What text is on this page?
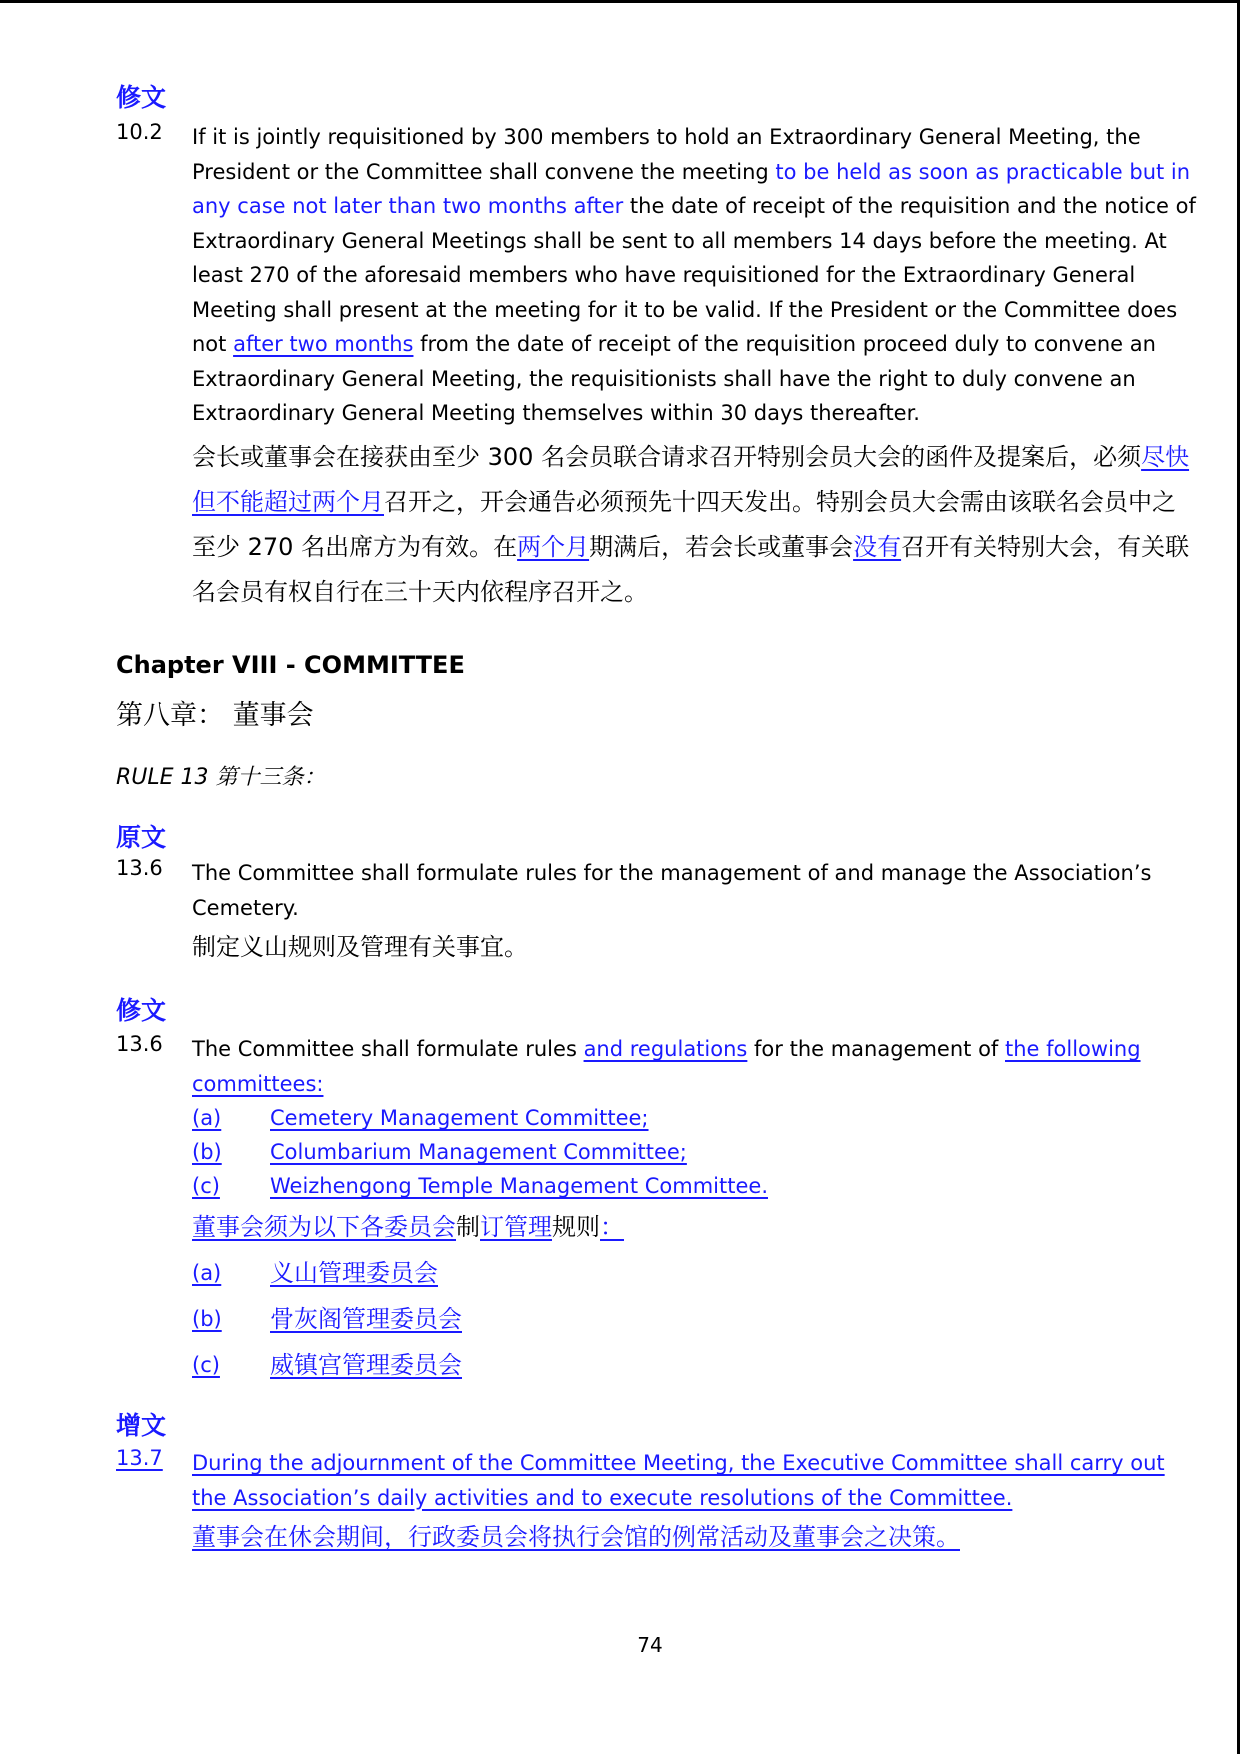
修文
10.2 If it is jointly requisitioned by 300 members to hold an Extraordinary General Meeting, the President or the Committee shall convene the meeting to be held as soon as practicable but in any case not later than two months after the date of receipt of the requisition and the notice of Extraordinary General Meetings shall be sent to all members 14 days before the meeting. At least 270 of the aforesaid members who have requisitioned for the Extraordinary General Meeting shall present at the meeting for it to be valid. If the President or the Committee does not after two months from the date of receipt of the requisition proceed duly to convene an Extraordinary General Meeting, the requisitionists shall have the right to duly convene an Extraordinary General Meeting themselves within 30 days thereafter.
会长或董事会在接获由至少 300 名会员联合请求召开特别会员大会的函件及提案后，必须尽快但不能超过两个月召开之，开会通告必须预先十四天发出。特别会员大会需由该联名会员中之至少 270 名出席方为有效。在两个月期满后，若会长或董事会没有召开有关特别大会，有关联名会员有权自行在三十天内依程序召开之。
Chapter VIII - COMMITTEE
第八章： 董事会
RULE 13 第十三条：
原文
13.6 The Committee shall formulate rules for the management of and manage the Association’s Cemetery.
制定义山规则及管理有关事宜。
修文
13.6 The Committee shall formulate rules and regulations for the management of the following committees:
(a)	Cemetery Management Committee;
(b)	Columbarium Management Committee;
(c)	Weizhengong Temple Management Committee.
董事会须为以下各委员会制订管理规则：
(a)	义山管理委员会
(b)	骨灰阁管理委员会
(c)	威镇宫管理委员会
增文
13.7 During the adjournment of the Committee Meeting, the Executive Committee shall carry out the Association’s daily activities and to execute resolutions of the Committee.
董事会在休会期间，行政委员会将执行会馆的例常活动及董事会之决策。
74
